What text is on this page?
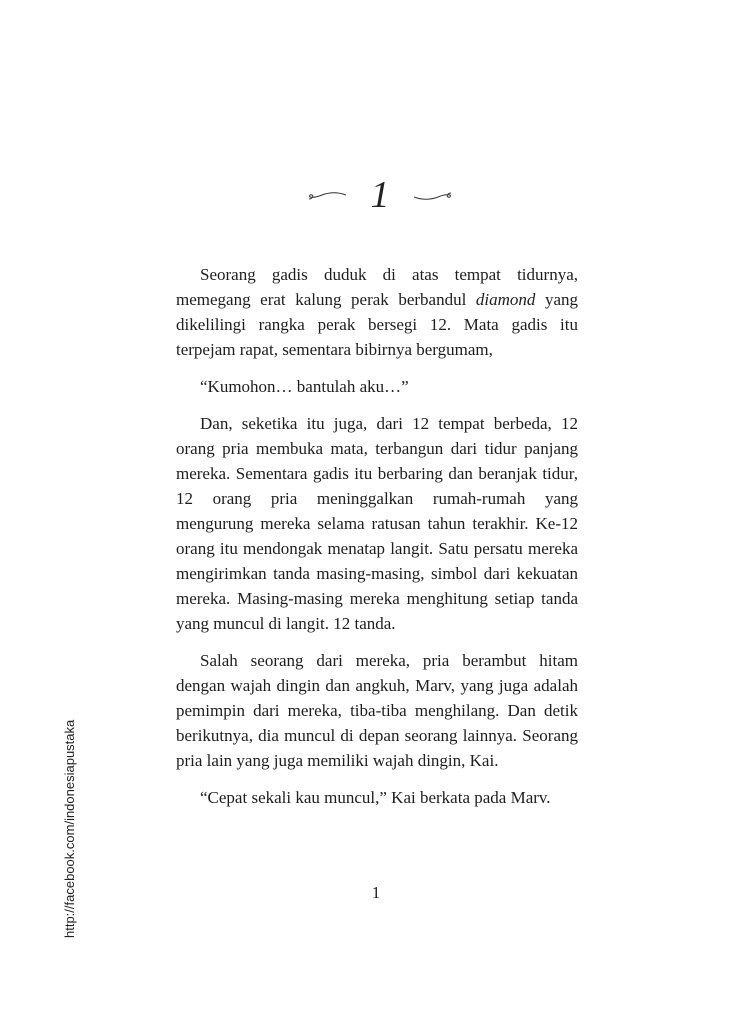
http://facebook.com/indonesiapustaka
1

Seorang gadis duduk di atas tempat tidurnya, memegang erat kalung perak berbandul diamond yang dikelilingi rangka perak bersegi 12. Mata gadis itu terpejam rapat, sementara bibirnya bergumam,

“Kumohon… bantulah aku…”

Dan, seketika itu juga, dari 12 tempat berbeda, 12 orang pria membuka mata, terbangun dari tidur panjang mereka. Sementara gadis itu berbaring dan beranjak tidur, 12 orang pria meninggalkan rumah-rumah yang mengurung mereka selama ratusan tahun terakhir. Ke-12 orang itu mendongak menatap langit. Satu persatu mereka mengirimkan tanda masing-masing, simbol dari kekuatan mereka. Masing-masing mereka menghitung setiap tanda yang muncul di langit. 12 tanda.

Salah seorang dari mereka, pria berambut hitam dengan wajah dingin dan angkuh, Marv, yang juga adalah pemimpin dari mereka, tiba-tiba menghilang. Dan detik berikutnya, dia muncul di depan seorang lainnya. Seorang pria lain yang juga memiliki wajah dingin, Kai.

“Cepat sekali kau muncul,” Kai berkata pada Marv.

1
